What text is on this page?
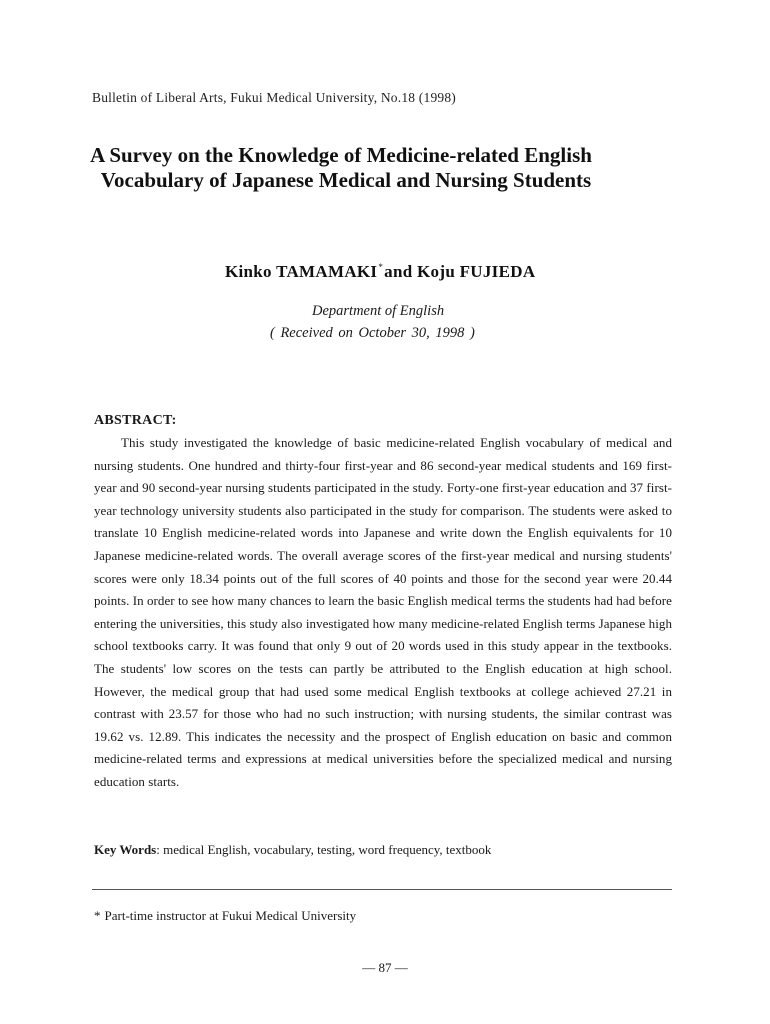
Bulletin of Liberal Arts, Fukui Medical University, No.18 (1998)
A Survey on the Knowledge of Medicine-related English
Vocabulary of Japanese Medical and Nursing Students
Kinko TAMAMAKI*and Koju FUJIEDA
Department of English
( Received on October 30, 1998 )
ABSTRACT:

This study investigated the knowledge of basic medicine-related English vocabulary of medical and nursing students. One hundred and thirty-four first-year and 86 second-year medical students and 169 first-year and 90 second-year nursing students participated in the study. Forty-one first-year education and 37 first-year technology university students also participated in the study for comparison. The students were asked to translate 10 English medicine-related words into Japanese and write down the English equivalents for 10 Japanese medicine-related words. The overall average scores of the first-year medical and nursing students' scores were only 18.34 points out of the full scores of 40 points and those for the second year were 20.44 points. In order to see how many chances to learn the basic English medical terms the students had had before entering the universities, this study also investigated how many medicine-related English terms Japanese high school textbooks carry. It was found that only 9 out of 20 words used in this study appear in the textbooks. The students' low scores on the tests can partly be attributed to the English education at high school. However, the medical group that had used some medical English textbooks at college achieved 27.21 in contrast with 23.57 for those who had no such instruction; with nursing students, the similar contrast was 19.62 vs. 12.89. This indicates the necessity and the prospect of English education on basic and common medicine-related terms and expressions at medical universities before the specialized medical and nursing education starts.

Key Words: medical English, vocabulary, testing, word frequency, textbook
* Part-time instructor at Fukui Medical University
— 87 —
